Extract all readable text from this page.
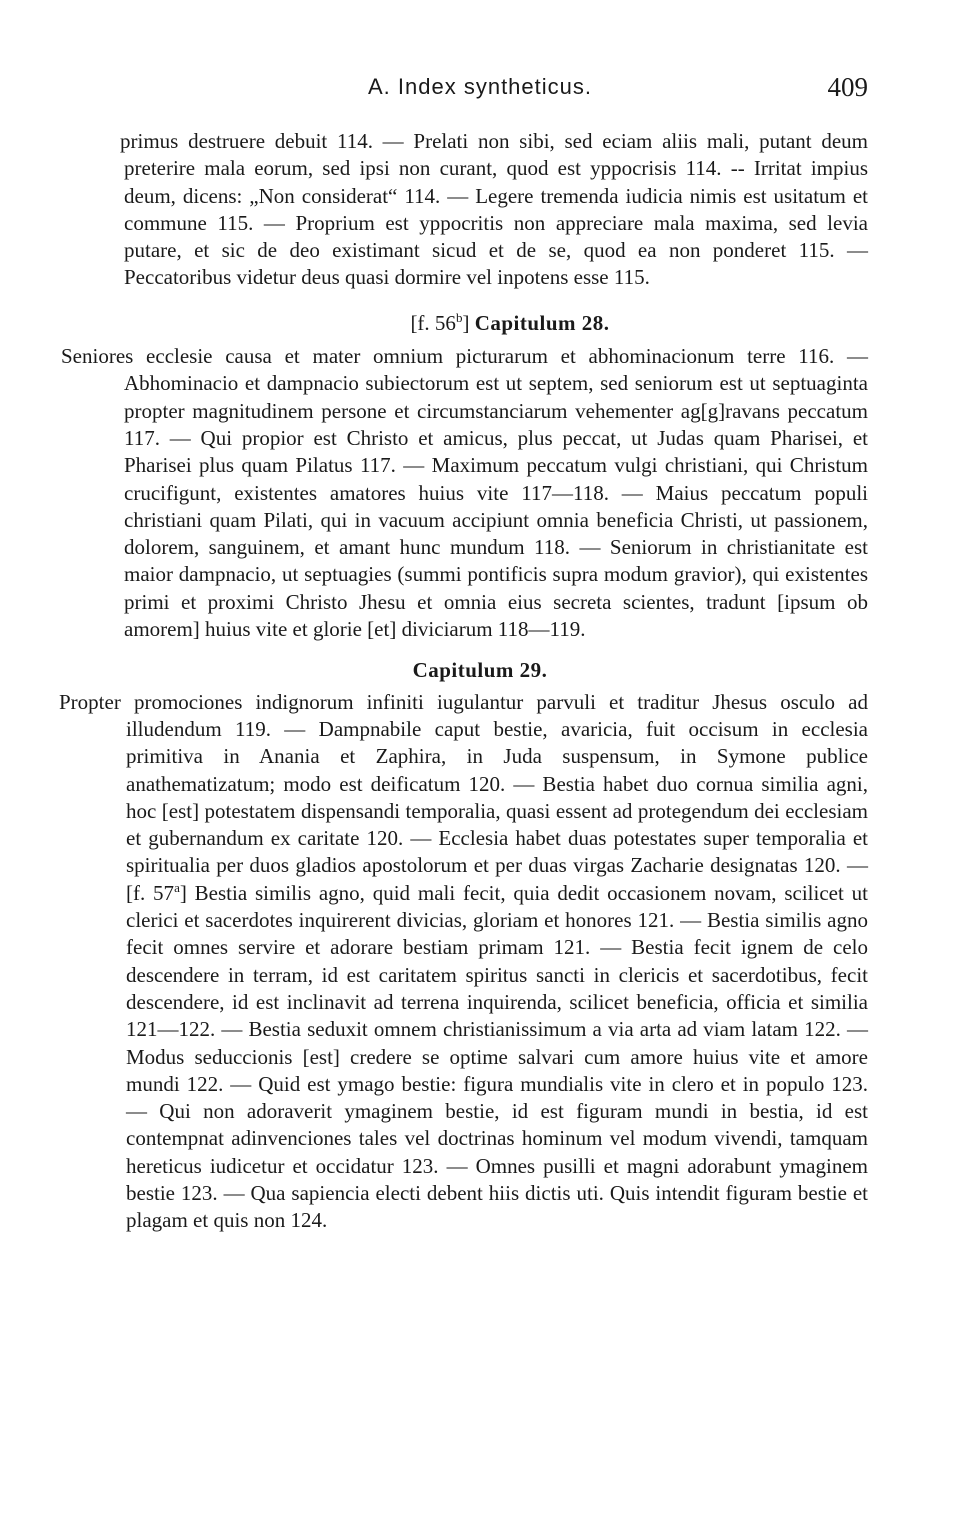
A. Index syntheticus.	409

primus destruere debuit 114. — Prelati non sibi, sed eciam aliis mali, putant deum preterire mala eorum, sed ipsi non curant, quod est yppocrisis 114. -- Irritat impius deum, dicens: „Non considerat“ 114. — Legere tremenda iudicia nimis est usitatum et commune 115. — Proprium est yppocritis non appreciare mala maxima, sed levia putare, et sic de deo existimant sicud et de se, quod ea non ponderet 115. — Peccatoribus videtur deus quasi dormire vel inpotens esse 115.

[f. 56$^b$] Capitulum 28.

Seniores ecclesie causa et mater omnium picturarum et abhominacionum terre 116. — Abhominacio et dampnacio subiectorum est ut septem, sed seniorum est ut septuaginta propter magnitudinem persone et circumstanciarum vehementer ag[g]ravans peccatum 117. — Qui propior est Christo et amicus, plus peccat, ut Judas quam Pharisei, et Pharisei plus quam Pilatus 117. — Maximum peccatum vulgi christiani, qui Christum crucifigunt, existentes amatores huius vite 117—118. — Maius peccatum populi christiani quam Pilati, qui in vacuum accipiunt omnia beneficia Christi, ut passionem, dolorem, sanguinem, et amant hunc mundum 118. — Seniorum in christianitate est maior dampnacio, ut septuagies (summi pontificis supra modum gravior), qui existentes primi et proximi Christo Jhesu et omnia eius secreta scientes, tradunt [ipsum ob amorem] huius vite et glorie [et] diviciarum 118—119.

Capitulum 29.

Propter promociones indignorum infiniti iugulantur parvuli et traditur Jhesus osculo ad illudendum 119. — Dampnabile caput bestie, avaricia, fuit occisum in ecclesia primitiva in Anania et Zaphira, in Juda suspensum, in Symone publice anathematizatum; modo est deificatum 120. — Bestia habet duo cornua similia agni, hoc [est] potestatem dispensandi temporalia, quasi essent ad protegendum dei ecclesiam et gubernandum ex caritate 120. — Ecclesia habet duas potestates super temporalia et spiritualia per duos gladios apostolorum et per duas virgas Zacharie designatas 120. — [f. 57$^a$] Bestia similis agno, quid mali fecit, quia dedit occasionem novam, scilicet ut clerici et sacerdotes inquirerent divicias, gloriam et honores 121. — Bestia similis agno fecit omnes servire et adorare bestiam primam 121. — Bestia fecit ignem de celo descendere in terram, id est caritatem spiritus sancti in clericis et sacerdotibus, fecit descendere, id est inclinavit ad terrena inquirenda, scilicet beneficia, officia et similia 121—122. — Bestia seduxit omnem christianissimum a via arta ad viam latam 122. — Modus seduccionis [est] credere se optime salvari cum amore huius vite et amore mundi 122. — Quid est ymago bestie: figura mundialis vite in clero et in populo 123. — Qui non adoraverit ymaginem bestie, id est figuram mundi in bestia, id est contempnat adinvenciones tales vel doctrinas hominum vel modum vivendi, tamquam hereticus iudicetur et occidatur 123. — Omnes pusilli et magni adorabunt ymaginem bestie 123. — Qua sapiencia electi debent hiis dictis uti. Quis intendit figuram bestie et plagam et quis non 124.
